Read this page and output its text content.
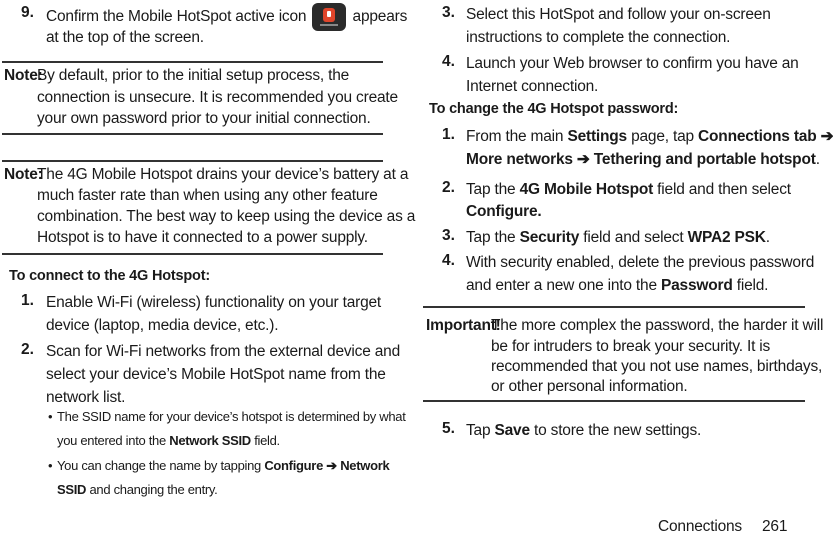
9. Confirm the Mobile HotSpot active icon	appears
at the top of the screen.
Note:
By default, prior to the initial setup process, the
connection is unsecure. It is recommended you create
your own password prior to your initial connection.
Note:
The 4G Mobile Hotspot drains your device’s battery at a
much faster rate than when using any other feature
combination. The best way to keep using the device as a
Hotspot is to have it connected to a power supply.
To connect to the 4G Hotspot:
1. Enable Wi-Fi (wireless) functionality on your target
device (laptop, media device, etc.).
2. Scan for Wi-Fi networks from the external device and
select your device’s Mobile HotSpot name from the
network list.
• The SSID name for your device’s hotspot is determined by what
you entered into the Network SSID field.
• You can change the name by tapping Configure ➔ Network
SSID and changing the entry.
3. Select this HotSpot and follow your on-screen
instructions to complete the connection.
4. Launch your Web browser to confirm you have an
Internet connection.
To change the 4G Hotspot password:
1. From the main Settings page, tap Connections tab ➔
More networks ➔ Tethering and portable hotspot.
2. Tap the 4G Mobile Hotspot field and then select
Configure.
3. Tap the Security field and select WPA2 PSK.
4. With security enabled, delete the previous password
and enter a new one into the Password field.
Important!
The more complex the password, the harder it will
be for intruders to break your security. It is
recommended that you not use names, birthdays,
or other personal information.
5. Tap Save to store the new settings.
Connections 261
